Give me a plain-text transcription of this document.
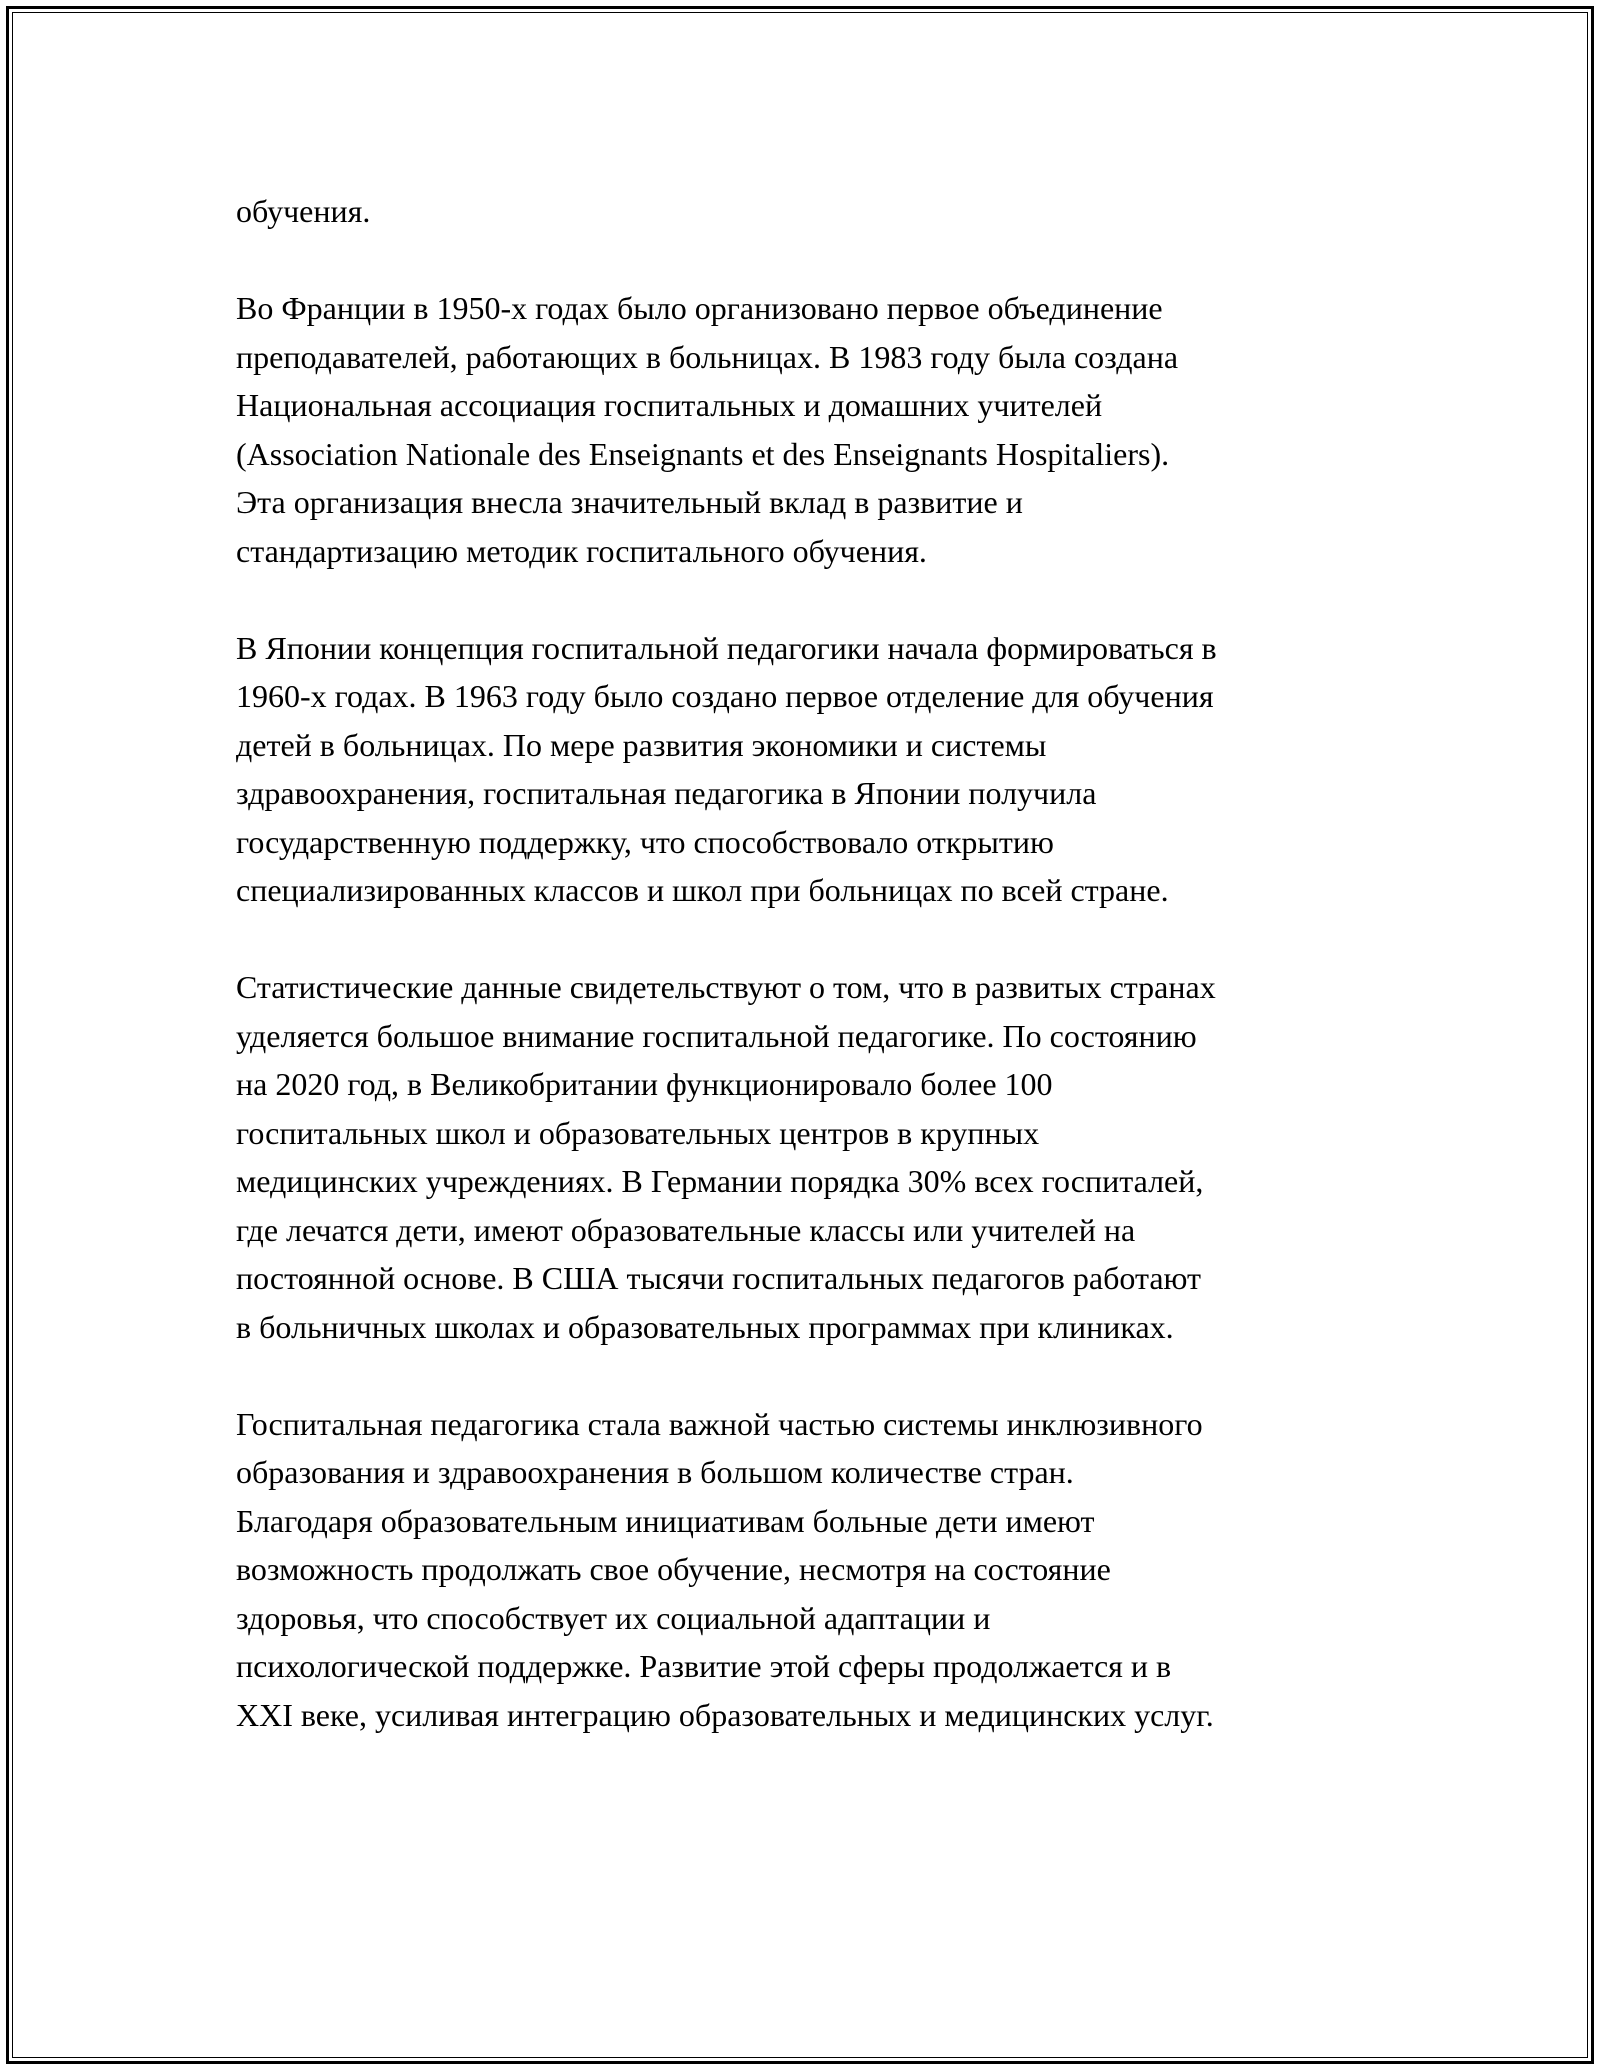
обучения.

Во Франции в 1950-х годах было организовано первое объединение
преподавателей, работающих в больницах. В 1983 году была создана
Национальная ассоциация госпитальных и домашних учителей
(Association Nationale des Enseignants et des Enseignants Hospitaliers).
Эта организация внесла значительный вклад в развитие и
стандартизацию методик госпитального обучения.

В Японии концепция госпитальной педагогики начала формироваться в
1960-х годах. В 1963 году было создано первое отделение для обучения
детей в больницах. По мере развития экономики и системы
здравоохранения, госпитальная педагогика в Японии получила
государственную поддержку, что способствовало открытию
специализированных классов и школ при больницах по всей стране.

Статистические данные свидетельствуют о том, что в развитых странах
уделяется большое внимание госпитальной педагогике. По состоянию
на 2020 год, в Великобритании функционировало более 100
госпитальных школ и образовательных центров в крупных
медицинских учреждениях. В Германии порядка 30% всех госпиталей,
где лечатся дети, имеют образовательные классы или учителей на
постоянной основе. В США тысячи госпитальных педагогов работают
в больничных школах и образовательных программах при клиниках.

Госпитальная педагогика стала важной частью системы инклюзивного
образования и здравоохранения в большом количестве стран.
Благодаря образовательным инициативам больные дети имеют
возможность продолжать свое обучение, несмотря на состояние
здоровья, что способствует их социальной адаптации и
психологической поддержке. Развитие этой сферы продолжается и в
XXI веке, усиливая интеграцию образовательных и медицинских услуг.
